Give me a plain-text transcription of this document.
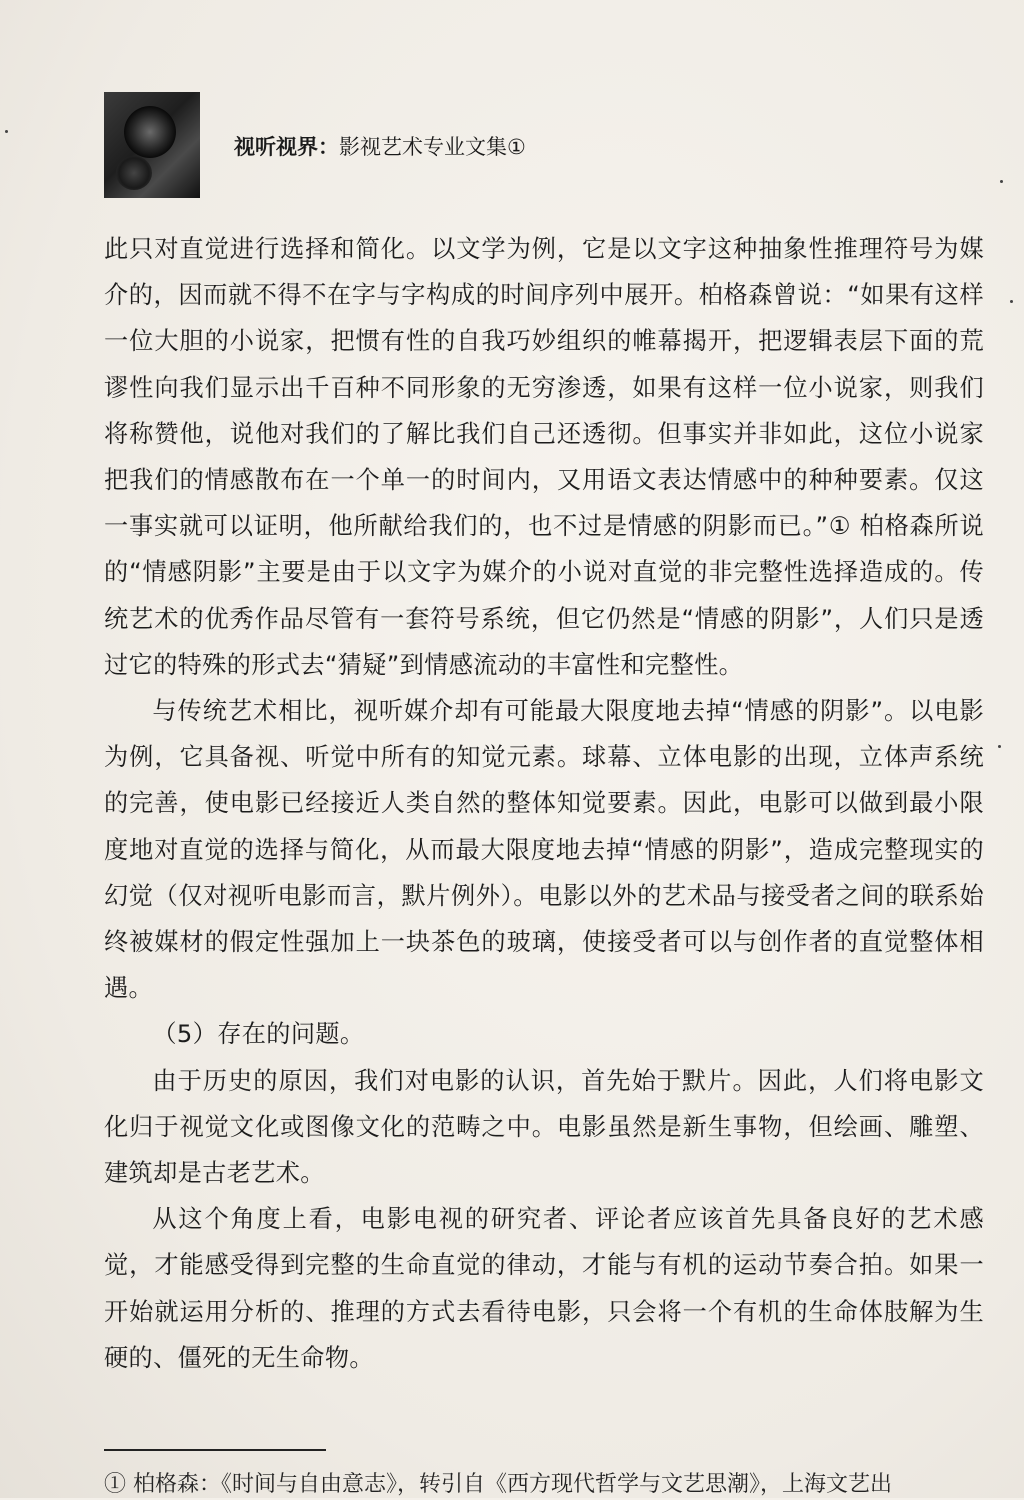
视听视界：影视艺术专业文集①

此只对直觉进行选择和简化。以文学为例，它是以文字这种抽象性推理符号为媒介的，因而就不得不在字与字构成的时间序列中展开。柏格森曾说：“如果有这样一位大胆的小说家，把惯有性的自我巧妙组织的帷幕揭开，把逻辑表层下面的荒谬性向我们显示出千百种不同形象的无穷渗透，如果有这样一位小说家，则我们将称赞他，说他对我们的了解比我们自己还透彻。但事实并非如此，这位小说家把我们的情感散布在一个单一的时间内，又用语文表达情感中的种种要素。仅这一事实就可以证明，他所献给我们的，也不过是情感的阴影而已。”① 柏格森所说的“情感阴影”主要是由于以文字为媒介的小说对直觉的非完整性选择造成的。传统艺术的优秀作品尽管有一套符号系统，但它仍然是“情感的阴影”，人们只是透过它的特殊的形式去“猜疑”到情感流动的丰富性和完整性。

与传统艺术相比，视听媒介却有可能最大限度地去掉“情感的阴影”。以电影为例，它具备视、听觉中所有的知觉元素。球幕、立体电影的出现，立体声系统的完善，使电影已经接近人类自然的整体知觉要素。因此，电影可以做到最小限度地对直觉的选择与简化，从而最大限度地去掉“情感的阴影”，造成完整现实的幻觉（仅对视听电影而言，默片例外）。电影以外的艺术品与接受者之间的联系始终被媒材的假定性强加上一块茶色的玻璃，使接受者可以与创作者的直觉整体相遇。

（5）存在的问题。

由于历史的原因，我们对电影的认识，首先始于默片。因此，人们将电影文化归于视觉文化或图像文化的范畴之中。电影虽然是新生事物，但绘画、雕塑、建筑却是古老艺术。

从这个角度上看，电影电视的研究者、评论者应该首先具备良好的艺术感觉，才能感受得到完整的生命直觉的律动，才能与有机的运动节奏合拍。如果一开始就运用分析的、推理的方式去看待电影，只会将一个有机的生命体肢解为生硬的、僵死的无生命物。

① 柏格森：《时间与自由意志》，转引自《西方现代哲学与文艺思潮》，上海文艺出
